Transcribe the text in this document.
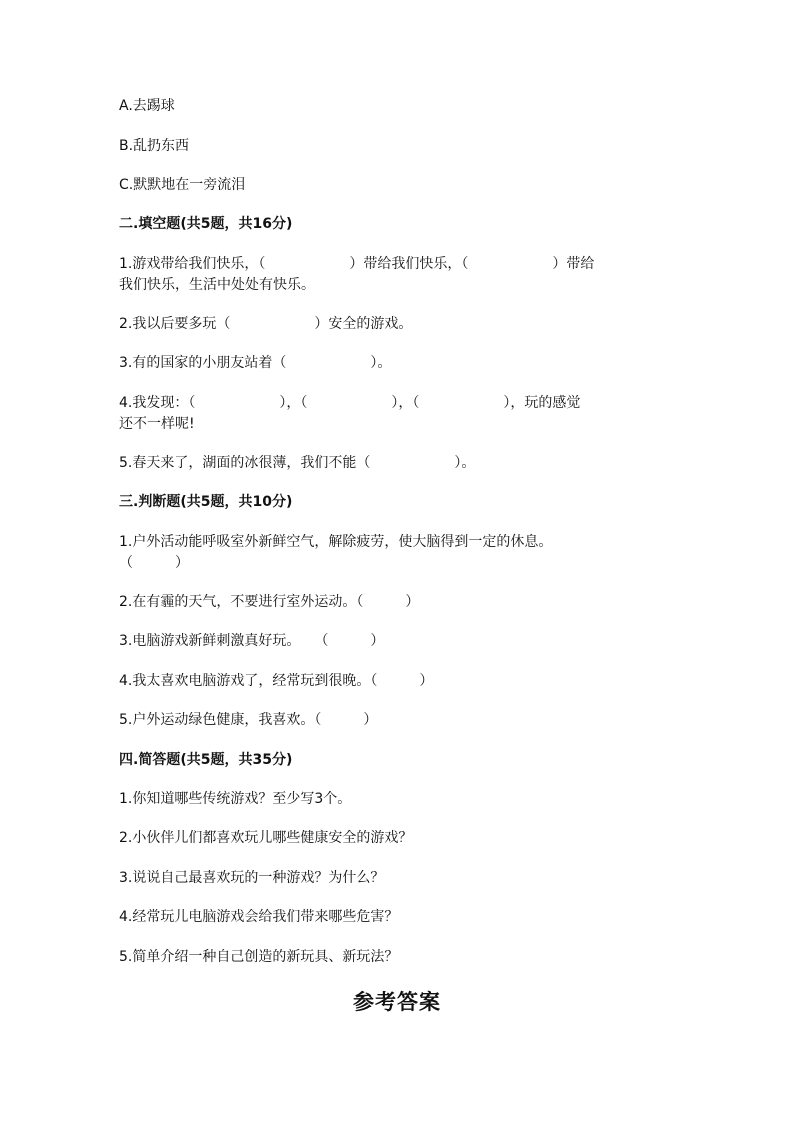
A.去踢球
B.乱扔东西
C.默默地在一旁流泪
二.填空题(共5题，共16分)
1.游戏带给我们快乐，（	）带给我们快乐，（	）带给
我们快乐，生活中处处有快乐。
2.我以后要多玩（	）安全的游戏。
3.有的国家的小朋友站着（	）。
4.我发现：（	），（	），（	），玩的感觉
还不一样呢!
5.春天来了，湖面的冰很薄，我们不能（	）。
三.判断题(共5题，共10分)
1.户外活动能呼吸室外新鲜空气，解除疲劳，使大脑得到一定的休息。
（　　　）
2.在有霾的天气，不要进行室外运动。（　　　）
3.电脑游戏新鲜刺激真好玩。　　（　　　）
4.我太喜欢电脑游戏了，经常玩到很晚。（　　　）
5.户外运动绿色健康，我喜欢。（　　　）
四.简答题(共5题，共35分)
1.你知道哪些传统游戏？至少写3个。
2.小伙伴儿们都喜欢玩儿哪些健康安全的游戏？
3.说说自己最喜欢玩的一种游戏？为什么？
4.经常玩儿电脑游戏会给我们带来哪些危害？
5.简单介绍一种自己创造的新玩具、新玩法？
参考答案
